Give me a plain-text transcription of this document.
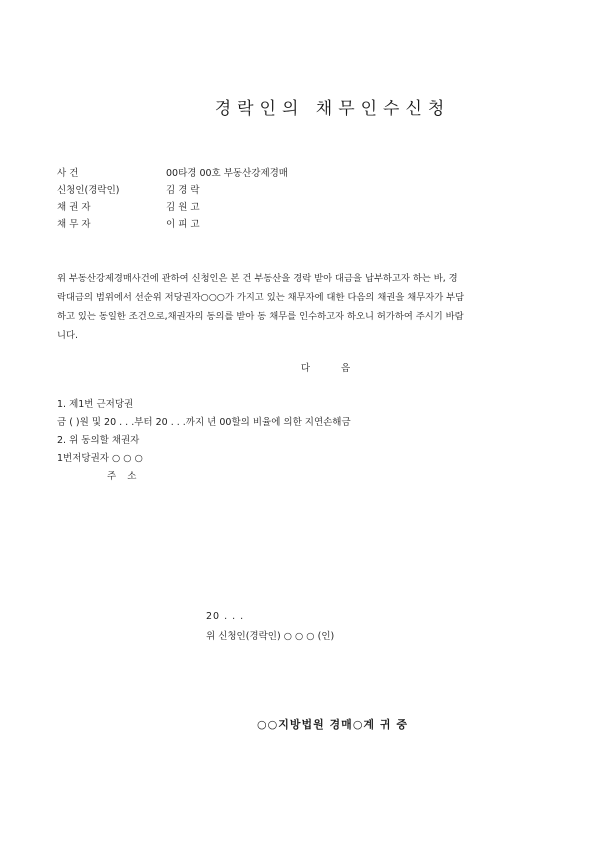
경락인의 채무인수신청
사 건	00타경 00호 부동산강제경매
신청인(경락인)	김 경 락
채 권 자	김 원 고
채 무 자	이 피 고
위 부동산강제경매사건에 관하여 신청인은 본 건 부동산을 경락 받아 대금을 납부하고자 하는 바, 경
락대금의 범위에서 선순위 저당권자○○○가 가지고 있는 채무자에 대한 다음의 채권을 채무자가 부담
하고 있는 동일한 조건으로,채권자의 동의를 받아 동 채무를 인수하고자 하오니 허가하여 주시기 바람
니다.
다 음
1. 제1번 근저당권
금 ( )원 및 20 . . .부터 20 . . .까지 년 00할의 비율에 의한 지연손해금
2. 위 동의할 채권자
1번저당권자 ○ ○ ○
주 소
20 . . .
위 신청인(경락인) ○ ○ ○ (인)
○○지방법원 경매○계 귀 중
